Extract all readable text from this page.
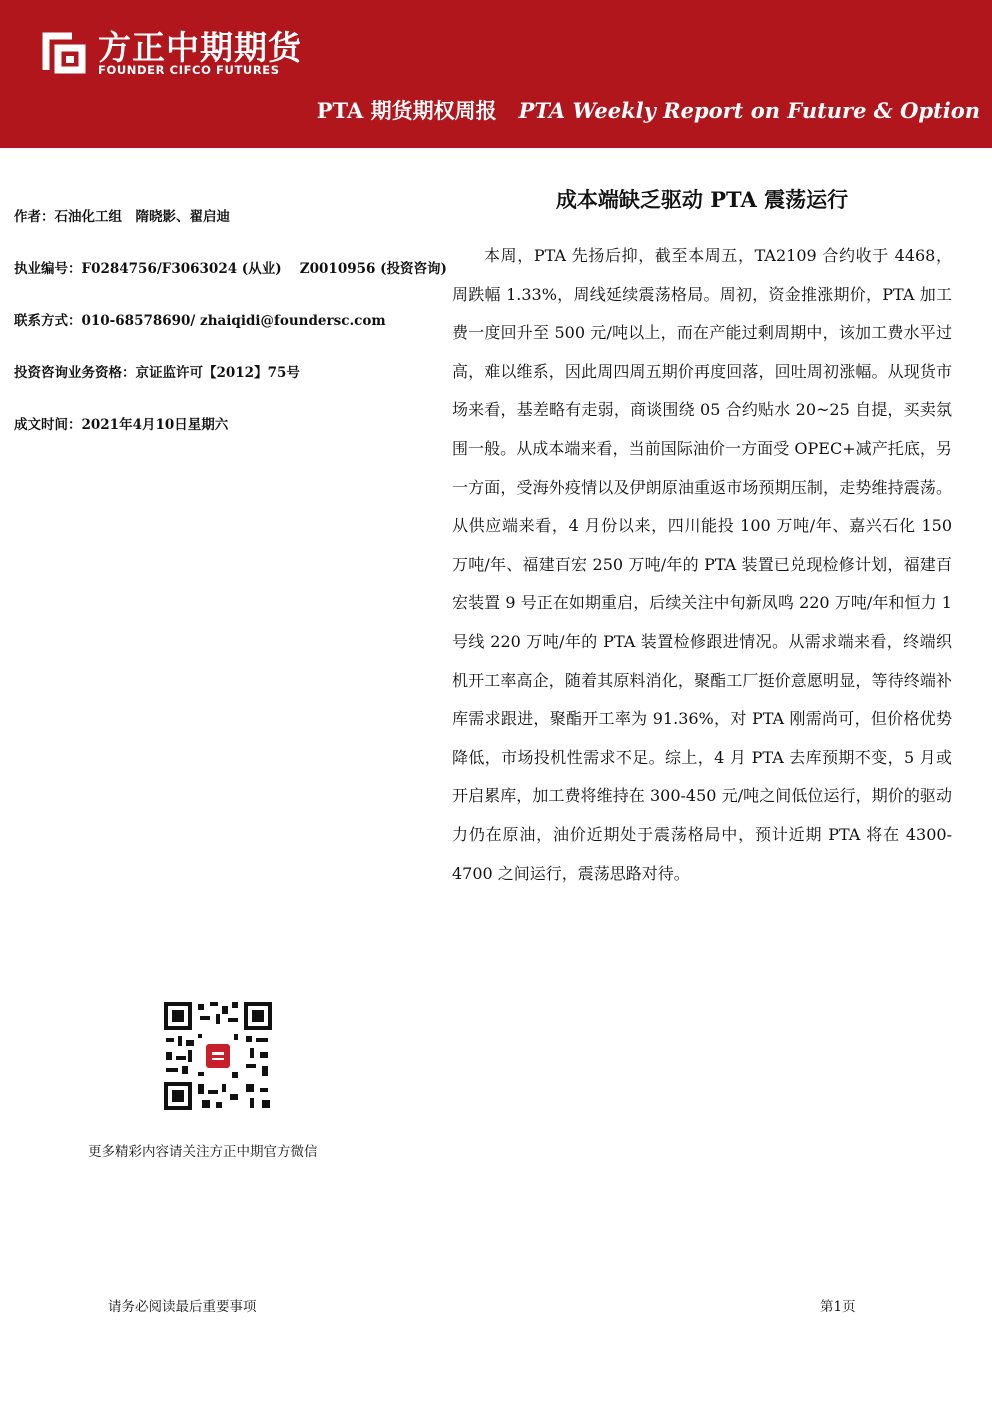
方正中期期货
FOUNDER CIFCO FUTURES
PTA 期货期权周报 PTA Weekly Report on Future & Option
作者：石油化工组　隋晓影、翟启迪
执业编号：F0284756/F3063024 (从业)　 Z0010956 (投资咨询)
联系方式：010-68578690/ zhaiqidi@foundersc.com
投资咨询业务资格：京证监许可【2012】75号
成文时间：2021年4月10日星期六
成本端缺乏驱动 PTA 震荡运行
本周，PTA 先扬后抑，截至本周五，TA2109 合约收于 4468，周跌幅 1.33%，周线延续震荡格局。周初，资金推涨期价，PTA 加工费一度回升至 500 元/吨以上，而在产能过剩周期中，该加工费水平过高，难以维系，因此周四周五期价再度回落，回吐周初涨幅。从现货市场来看，基差略有走弱，商谈围绕 05 合约贴水 20~25 自提，买卖氛围一般。从成本端来看，当前国际油价一方面受 OPEC+减产托底，另一方面，受海外疫情以及伊朗原油重返市场预期压制，走势维持震荡。从供应端来看，4 月份以来，四川能投 100 万吨/年、嘉兴石化 150 万吨/年、福建百宏 250 万吨/年的 PTA 装置已兑现检修计划，福建百宏装置 9 号正在如期重启，后续关注中旬新凤鸣 220 万吨/年和恒力 1 号线 220 万吨/年的 PTA 装置检修跟进情况。从需求端来看，终端织机开工率高企，随着其原料消化，聚酯工厂挺价意愿明显，等待终端补库需求跟进，聚酯开工率为 91.36%，对 PTA 刚需尚可，但价格优势降低，市场投机性需求不足。综上，4 月 PTA 去库预期不变，5 月或开启累库，加工费将维持在 300-450 元/吨之间低位运行，期价的驱动力仍在原油，油价近期处于震荡格局中，预计近期 PTA 将在 4300-4700 之间运行，震荡思路对待。
更多精彩内容请关注方正中期官方微信
请务必阅读最后重要事项	第1页
